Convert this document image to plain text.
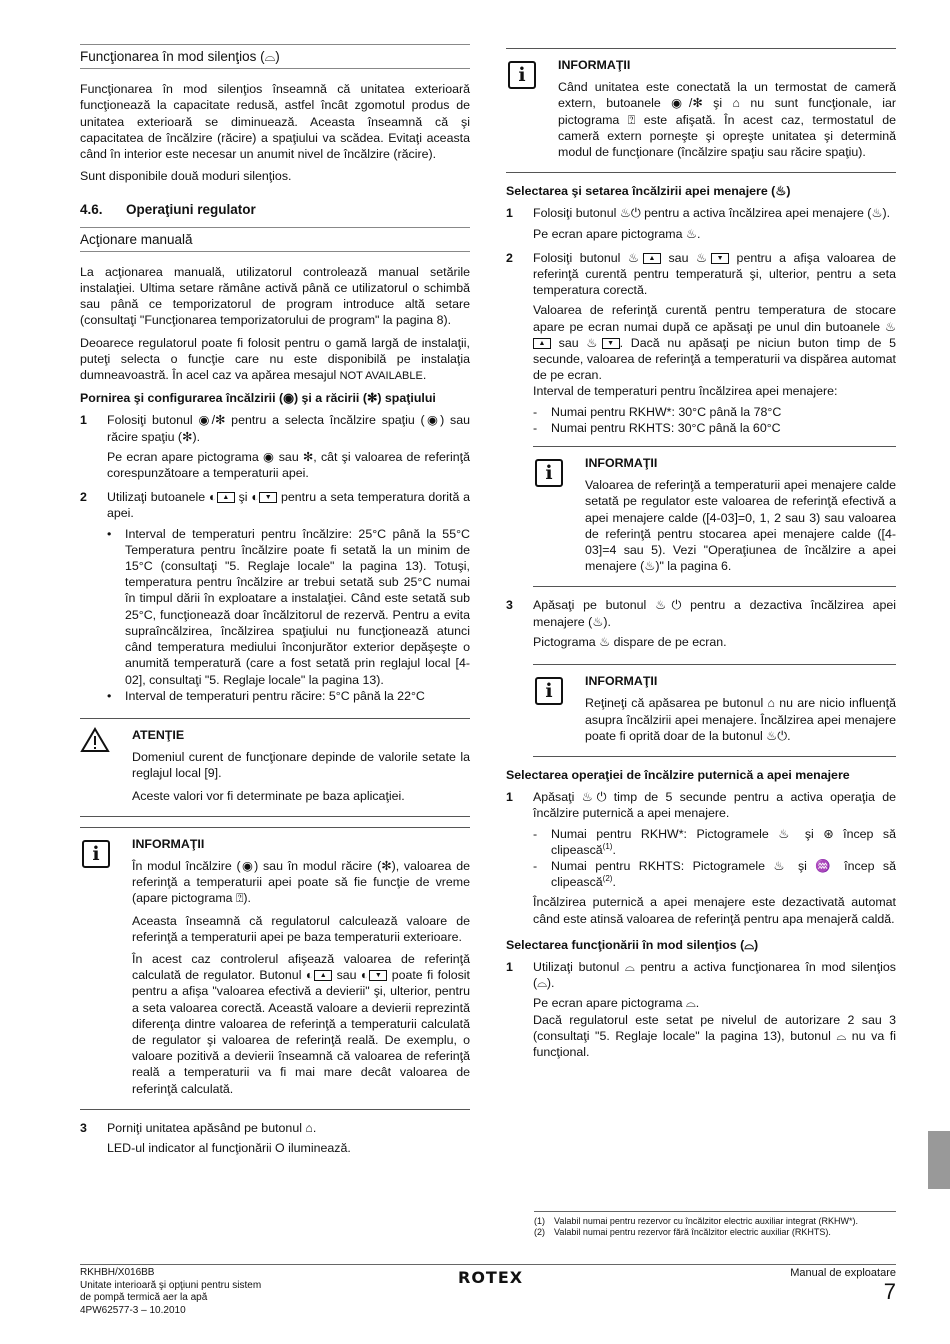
Funcţionarea în mod silenţios (⌓)

Funcţionarea în mod silenţios înseamnă că unitatea exterioară funcţionează la capacitate redusă, astfel încât zgomotul produs de unitatea exterioară se diminuează. Aceasta înseamnă că şi capacitatea de încălzire (răcire) a spaţiului va scădea. Evitaţi aceasta când în interior este necesar un anumit nivel de încălzire (răcire).

Sunt disponibile două moduri silenţios.

4.6. Operaţiuni regulator
Acţionare manuală

La acţionarea manuală, utilizatorul controlează manual setările instalaţiei. Ultima setare rămâne activă până ce utilizatorul o schimbă sau până ce temporizatorul de program introduce altă setare (consultaţi "Funcţionarea temporizatorului de program" la pagina 8).

Deoarece regulatorul poate fi folosit pentru o gamă largă de instalaţii, puteţi selecta o funcţie care nu este disponibilă pe instalaţia dumneavoastră. În acel caz va apărea mesajul NOT AVAILABLE.

Pornirea şi configurarea încălzirii (◉) şi a răcirii (✻) spaţiului
1	Folosiţi butonul ◉/✻ pentru a selecta încălzire spaţiu (◉) sau răcire spaţiu (✻).

Pe ecran apare pictograma ◉ sau ✻, cât şi valoarea de referinţă corespunzătoare a temperaturii apei.

2	Utilizaţi butoanele ◐ ▲ şi ◐ ▼ pentru a seta temperatura dorită a apei.

• Interval de temperaturi pentru încălzire: 25°C până la 55°C Temperatura pentru încălzire poate fi setată la un minim de 15°C (consultaţi "5. Reglaje locale" la pagina 13). Totuşi, temperatura pentru încălzire ar trebui setată sub 25°C numai în timpul dării în exploatare a instalaţiei. Când este setată sub 25°C, funcţionează doar încălzitorul de rezervă. Pentru a evita supraîncălzirea, încălzirea spaţiului nu funcţionează atunci când temperatura mediului înconjurător exterior depăşeşte o anumită temperatură (care a fost setată prin reglajul local [4-02], consultaţi "5. Reglaje locale" la pagina 13).
• Interval de temperaturi pentru răcire: 5°C până la 22°C
ATENŢIE

Domeniul curent de funcţionare depinde de valorile setate la reglajul local [9].

Aceste valori vor fi determinate pe baza aplicaţiei.

i	INFORMAŢII

În modul încălzire (◉) sau în modul răcire (✻), valoarea de referinţă a temperaturii apei poate să fie funcţie de vreme (apare pictograma ⍰).

Aceasta înseamnă că regulatorul calculează valoare de referinţă a temperaturii apei pe baza temperaturii exterioare.

În acest caz controlerul afişează valoarea de referinţă calculată de regulator. Butonul ◐ ▲ sau ◐ ▼ poate fi folosit pentru a afişa "valoarea efectivă a devierii" şi, ulterior, pentru a seta valoarea corectă. Această valoare a devierii reprezintă diferenţa dintre valoarea de referinţă a temperaturii calculată de regulator şi valoarea de referinţă reală. De exemplu, o valoare pozitivă a devierii înseamnă că valoarea de referinţă reală a temperaturii va fi mai mare decât valoarea de referinţă calculată.

3	Porniţi unitatea apăsând pe butonul ⌂.

LED-ul indicator al funcţionării O iluminează.

i	INFORMAŢII

Când unitatea este conectată la un termostat de cameră extern, butoanele ◉/✻ şi ⌂ nu sunt funcţionale, iar pictograma ⍰ este afişată. În acest caz, termostatul de cameră extern porneşte şi opreşte unitatea şi determină modul de funcţionare (încălzire spaţiu sau răcire spaţiu).

Selectarea şi setarea încălzirii apei menajere (♨)
1	Folosiţi butonul ♨⏻ pentru a activa încălzirea apei menajere (♨).

Pe ecran apare pictograma ♨.

2	Folosiţi butonul ♨ ▲ sau ♨ ▼ pentru a afişa valoarea de referinţă curentă pentru temperatură şi, ulterior, pentru a seta temperatura corectă.

Valoarea de referinţă curentă pentru temperatura de stocare apare pe ecran numai după ce apăsaţi pe unul din butoanele ♨▲ sau ♨ ▼ . Dacă nu apăsaţi pe niciun buton timp de 5 secunde, valoarea de referinţă a temperaturii va dispărea automat de pe ecran.

Interval de temperaturi pentru încălzirea apei menajere:

- Numai pentru RKHW*: 30°C până la 78°C
- Numai pentru RKHTS: 30°C până la 60°C
i	INFORMAŢII

Valoarea de referinţă a temperaturii apei menajere calde setată pe regulator este valoarea de referinţă efectivă a apei menajere calde ([4-03]=0, 1, 2 sau 3) sau valoarea de referinţă pentru stocarea apei menajere calde ([4-03]=4 sau 5). Vezi "Operaţiunea de încălzire a apei menajere (♨)" la pagina 6.

3	Apăsaţi pe butonul ♨⏻ pentru a dezactiva încălzirea apei menajere (♨).

Pictograma ♨ dispare de pe ecran.

i	INFORMAŢII

Reţineţi că apăsarea pe butonul ⌂ nu are nicio influenţă asupra încălzirii apei menajere. Încălzirea apei menajere poate fi oprită doar de la butonul ♨⏻.

Selectarea operaţiei de încălzire puternică a apei menajere
1	Apăsaţi ♨⏻ timp de 5 secunde pentru a activa operaţia de încălzire puternică a apei menajere.

- Numai pentru RKHW*: Pictogramele ♨ şi ⊛ încep să clipească$^{(1)}$.
- Numai pentru RKHTS: Pictogramele ♨ şi ♒ încep să clipească$^{(2)}$.

Încălzirea puternică a apei menajere este dezactivată automat când este atinsă valoarea de referinţă pentru apa menajeră caldă.

Selectarea funcţionării în mod silenţios (⌓)
1	Utilizaţi butonul ⌓ pentru a activa funcţionarea în mod silenţios (⌓).

Pe ecran apare pictograma ⌓.

Dacă regulatorul este setat pe nivelul de autorizare 2 sau 3 (consultaţi "5. Reglaje locale" la pagina 13), butonul ⌓ nu va fi funcţional.

(1)	Valabil numai pentru rezervor cu încălzitor electric auxiliar integrat (RKHW*).
(2)	Valabil numai pentru rezervor fără încălzitor electric auxiliar (RKHTS).
RKHBH/X016BB
Unitate interioară şi opţiuni pentru sistem
de pompă termică aer la apă
4PW62577-3 – 10.2010
Manual de exploatare
7
ROTEX
